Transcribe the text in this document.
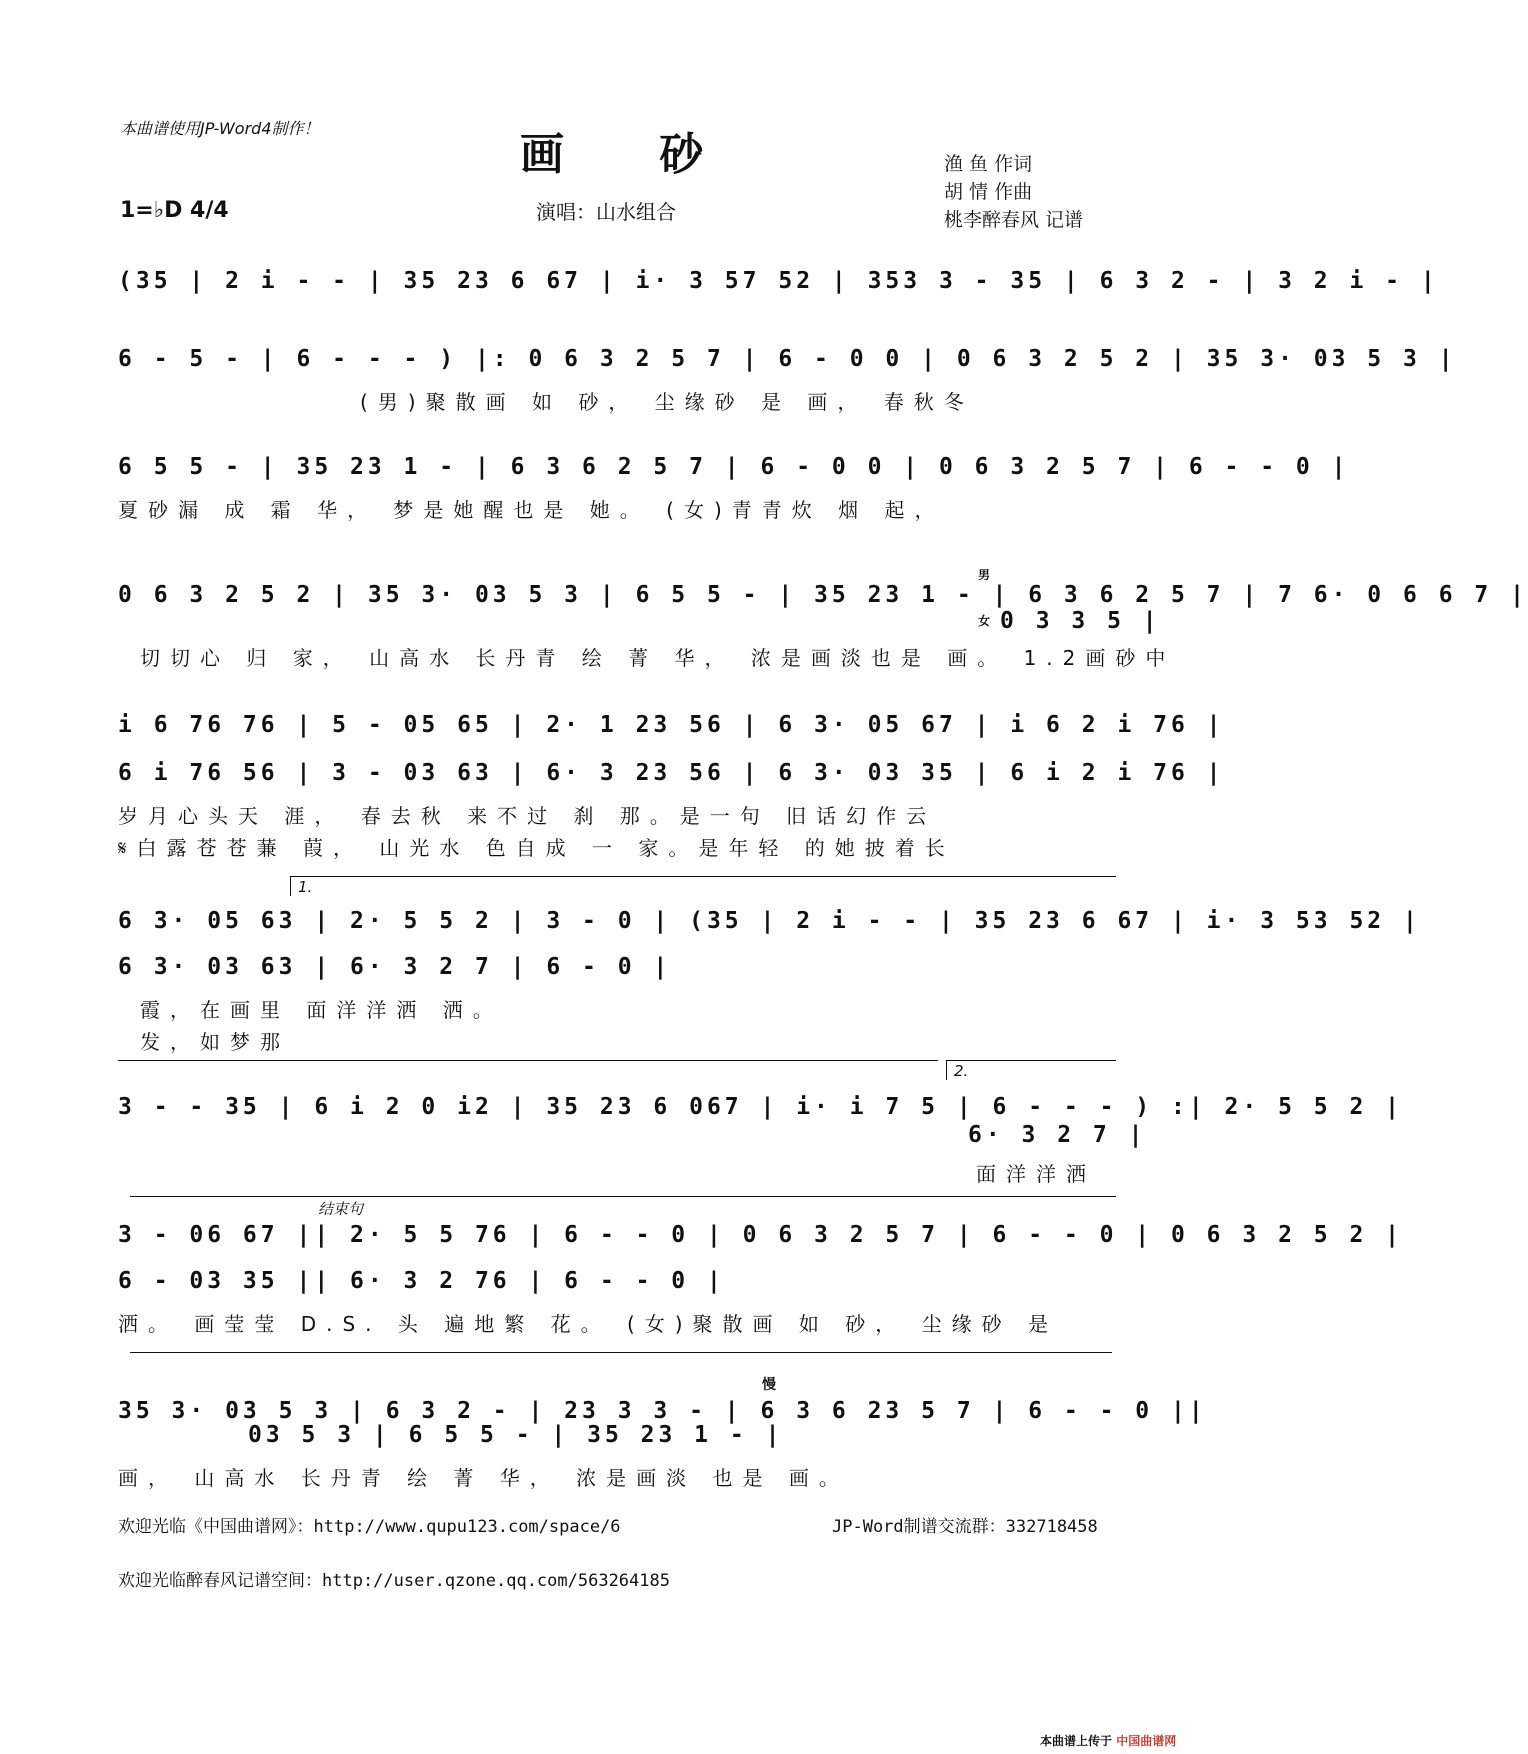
本曲谱使用JP-Word4制作！
画 砂
1=♭D 4/4	演唱：山水组合
渔 鱼 作词
胡 情 作曲
桃李醉春风 记谱
(35 | 2 i - - | 35 23 6 67 | i· 3 57 52 | 353 3 - 35 | 6 3 2 - | 3 2 i - |
6 - 5 - | 6 - - - ) |: 0 6 3 2 5 7 | 6 - 0 0 | 0 6 3 2 5 2 | 35 3· 03 5 3 |
(男)聚散画 如 砂， 尘缘砂 是 画， 春秋冬
6 5 5 - | 35 23 1 - | 6 3 6 2 5 7 | 6 - 0 0 | 0 6 3 2 5 7 | 6 - - 0 |
夏砂漏 成 霜 华， 梦是她醒也是 她。 (女)青青炊 烟 起，
0 6 3 2 5 2 | 35 3· 03 5 3 | 6 5 5 - | 35 23 1 - | 6 3 6 2 5 7 | 7 6· 0 6 6 7 |
0 3 3 5 |
男
女
切切心 归 家， 山高水 长丹青 绘 菁 华， 浓是画淡也是 画。 1.2画砂中
i 6 76 76 | 5 - 05 65 | 2· 1 23 56 | 6 3· 05 67 | i 6 2 i 76 |
6 i 76 56 | 3 - 03 63 | 6· 3 23 56 | 6 3· 03 35 | 6 i 2 i 76 |
岁月心头天 涯， 春去秋 来不过 刹 那。是一句 旧话幻作云
𝄋白露苍苍蒹 葭， 山光水 色自成 一 家。是年轻 的她披着长
1.
6 3· 05 63 | 2· 5 5 2 | 3 - 0 | (35 | 2 i - - | 35 23 6 67 | i· 3 53 52 |
6 3· 03 63 | 6· 3 2 7 | 6 - 0 |
霞，在画里 面洋洋洒 洒。
发，如梦那
2.
3 - - 35 | 6 i 2 0 i2 | 35 23 6 067 | i· i 7 5 | 6 - - - ) :| 2· 5 5 2 |
6· 3 2 7 |
面洋洋洒
结束句
3 - 06 67 || 2· 5 5 76 | 6 - - 0 | 0 6 3 2 5 7 | 6 - - 0 | 0 6 3 2 5 2 |
6 - 03 35 || 6· 3 2 76 | 6 - - 0 |
洒。 画莹莹 D.S. 头 遍地繁 花。 (女)聚散画 如 砂， 尘缘砂 是
慢
35 3· 03 5 3 | 6 3 2 - | 23 3 3 - | 6 3 6 23 5 7 | 6 - - 0 ||
03 5 3 | 6 5 5 - | 35 23 1 - |
画， 山高水 长丹青 绘 菁 华， 浓是画淡 也是 画。
欢迎光临《中国曲谱网》：http://www.qupu123.com/space/6	JP-Word制谱交流群：332718458
欢迎光临醉春风记谱空间：http://user.qzone.qq.com/563264185
本曲谱上传于 中国曲谱网
